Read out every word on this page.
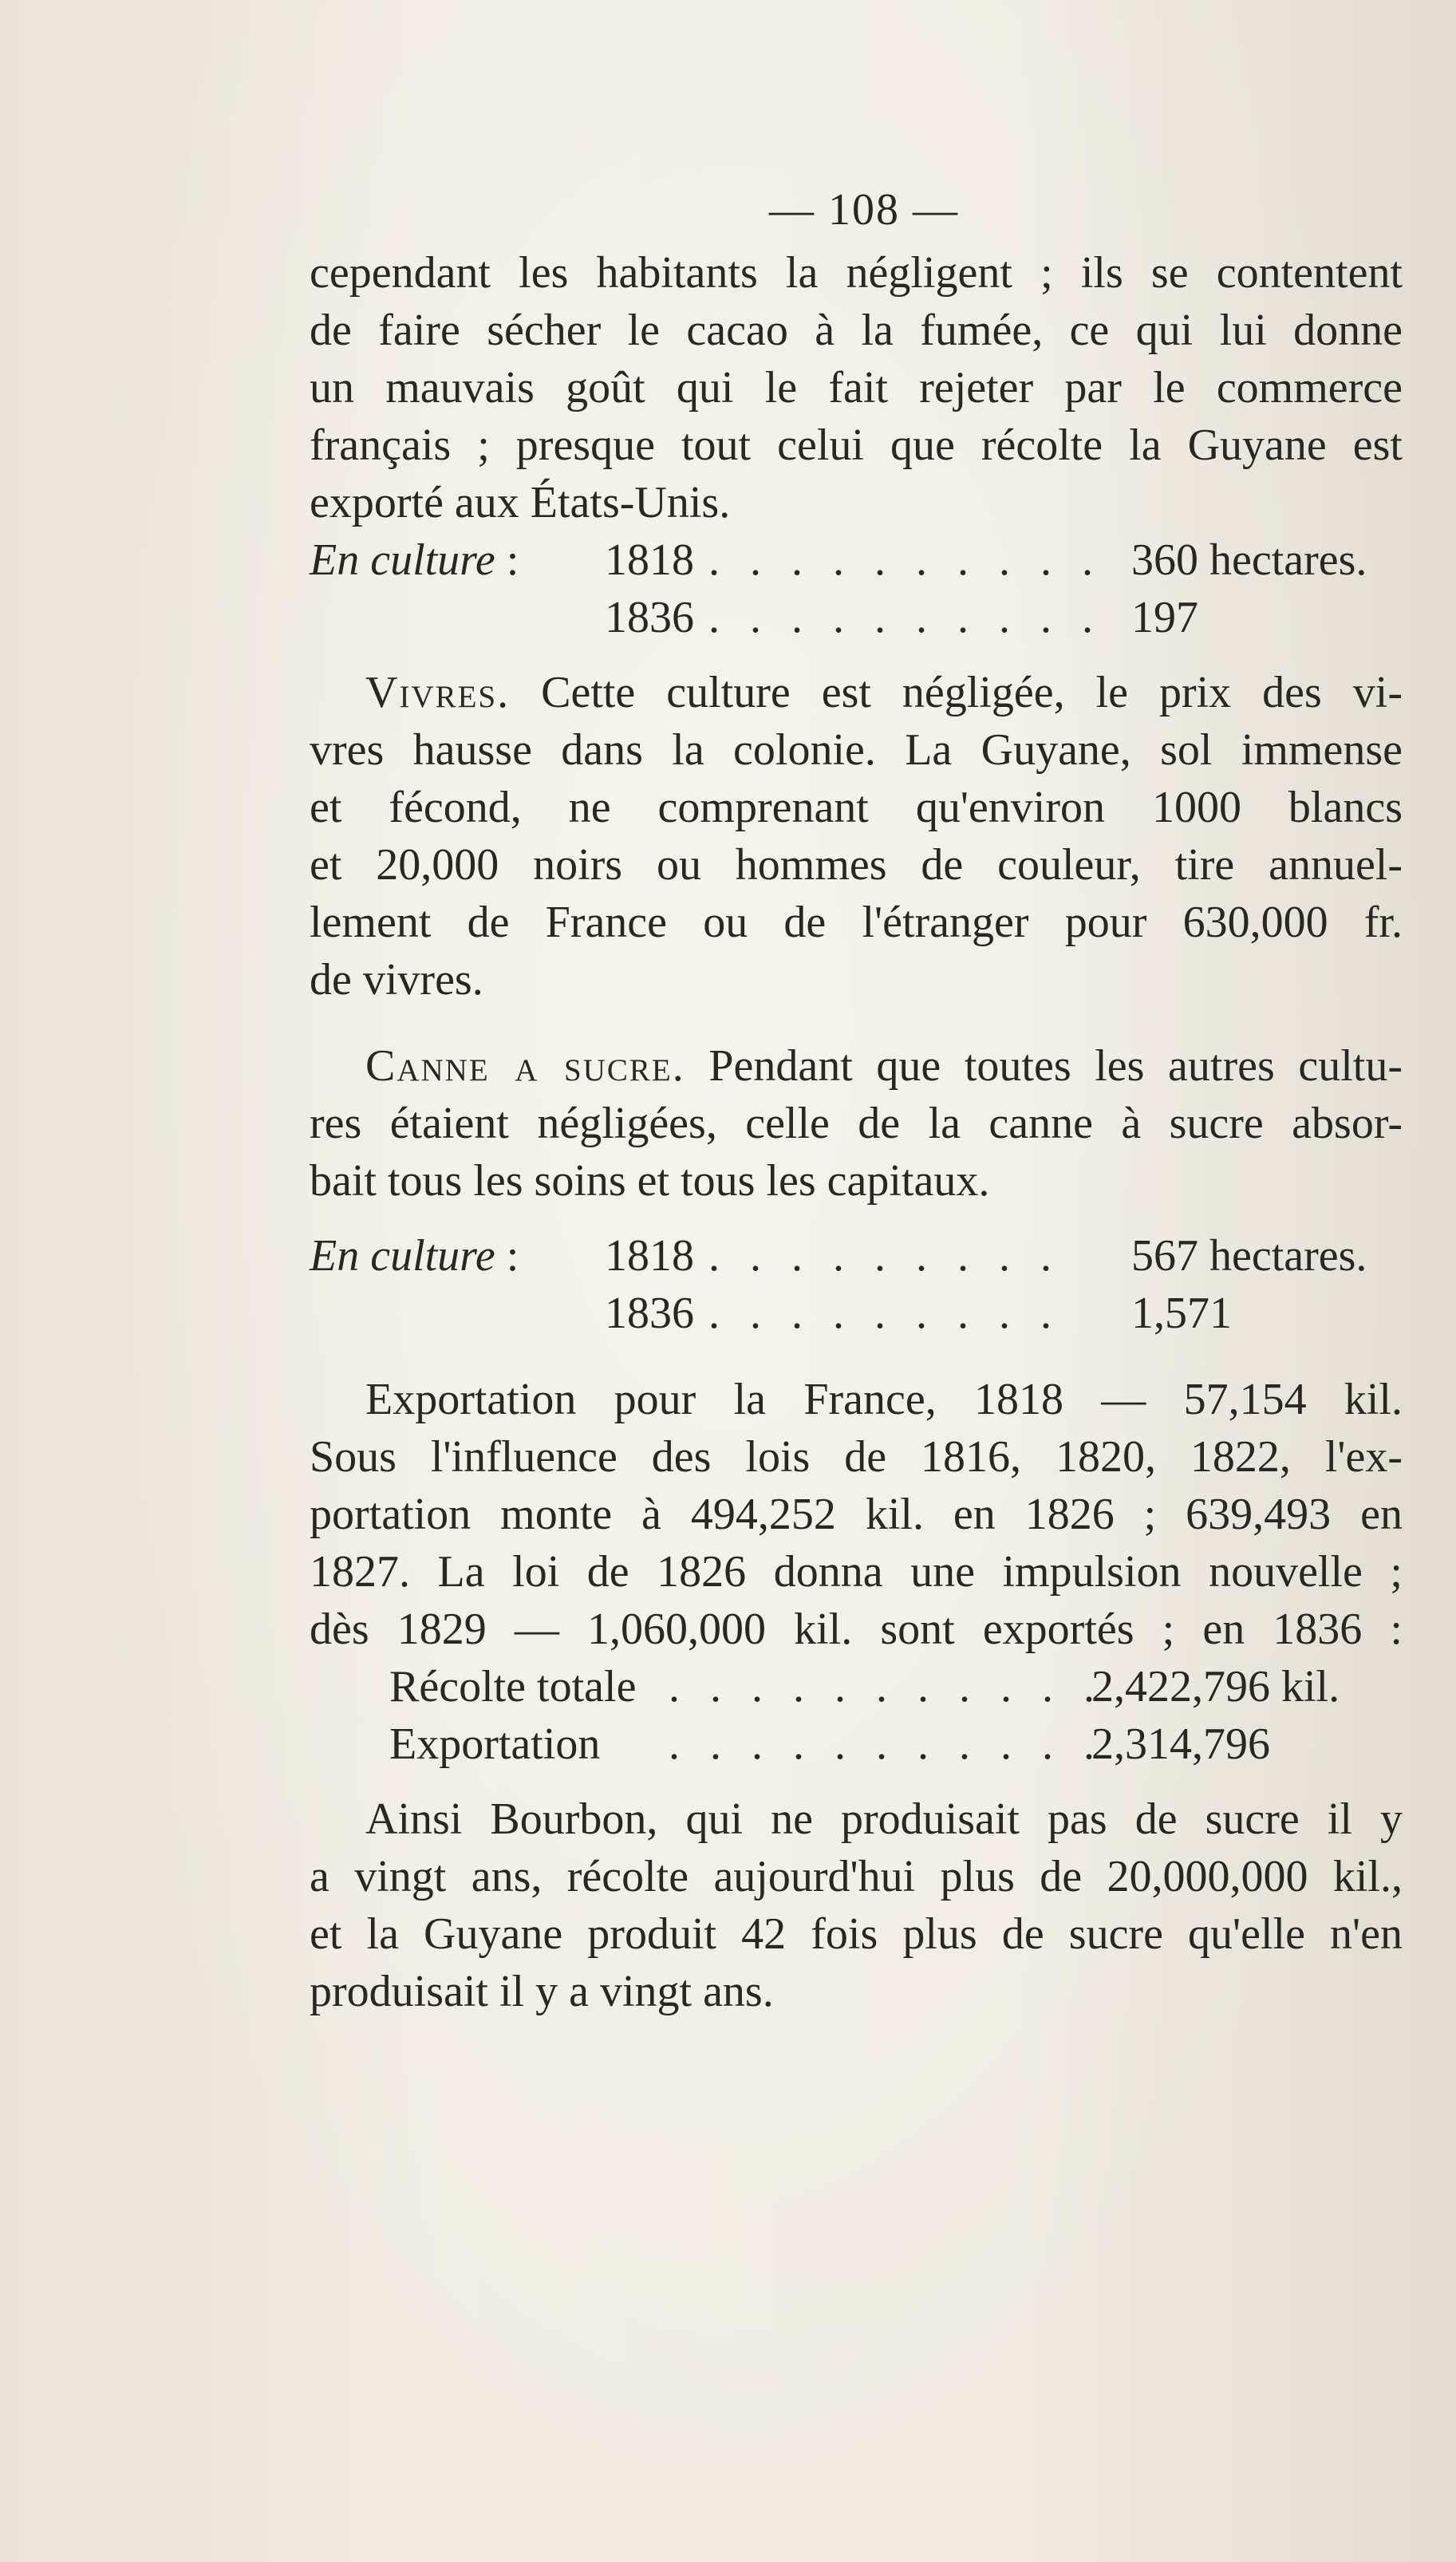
— 108 —
cependant les habitants la négligent ; ils se contentent
de faire sécher le cacao à la fumée, ce qui lui donne
un mauvais goût qui le fait rejeter par le commerce
français ; presque tout celui que récolte la Guyane est
exporté aux États-Unis.
En culture : 1818 . . . . . . . . . . 360 hectares.
1836 . . . . . . . . . . 197
Vivres. Cette culture est négligée, le prix des vi-
vres hausse dans la colonie. La Guyane, sol immense
et fécond, ne comprenant qu'environ 1000 blancs
et 20,000 noirs ou hommes de couleur, tire annuel-
lement de France ou de l'étranger pour 630,000 fr.
de vivres.
Canne a sucre. Pendant que toutes les autres cultu-
res étaient négligées, celle de la canne à sucre absor-
bait tous les soins et tous les capitaux.
En culture : 1818 . . . . . . . . . 567 hectares.
1836 . . . . . . . . . 1,571
Exportation pour la France, 1818 — 57,154 kil.
Sous l'influence des lois de 1816, 1820, 1822, l'ex-
portation monte à 494,252 kil. en 1826 ; 639,493 en
1827. La loi de 1826 donna une impulsion nouvelle ;
dès 1829 — 1,060,000 kil. sont exportés ; en 1836 :
Récolte totale . . . . . . . . . . .
2,422,796 kil.
Exportation . . . . . . . . . . .
2,314,796
Ainsi Bourbon, qui ne produisait pas de sucre il y
a vingt ans, récolte aujourd'hui plus de 20,000,000 kil.,
et la Guyane produit 42 fois plus de sucre qu'elle n'en
produisait il y a vingt ans.
